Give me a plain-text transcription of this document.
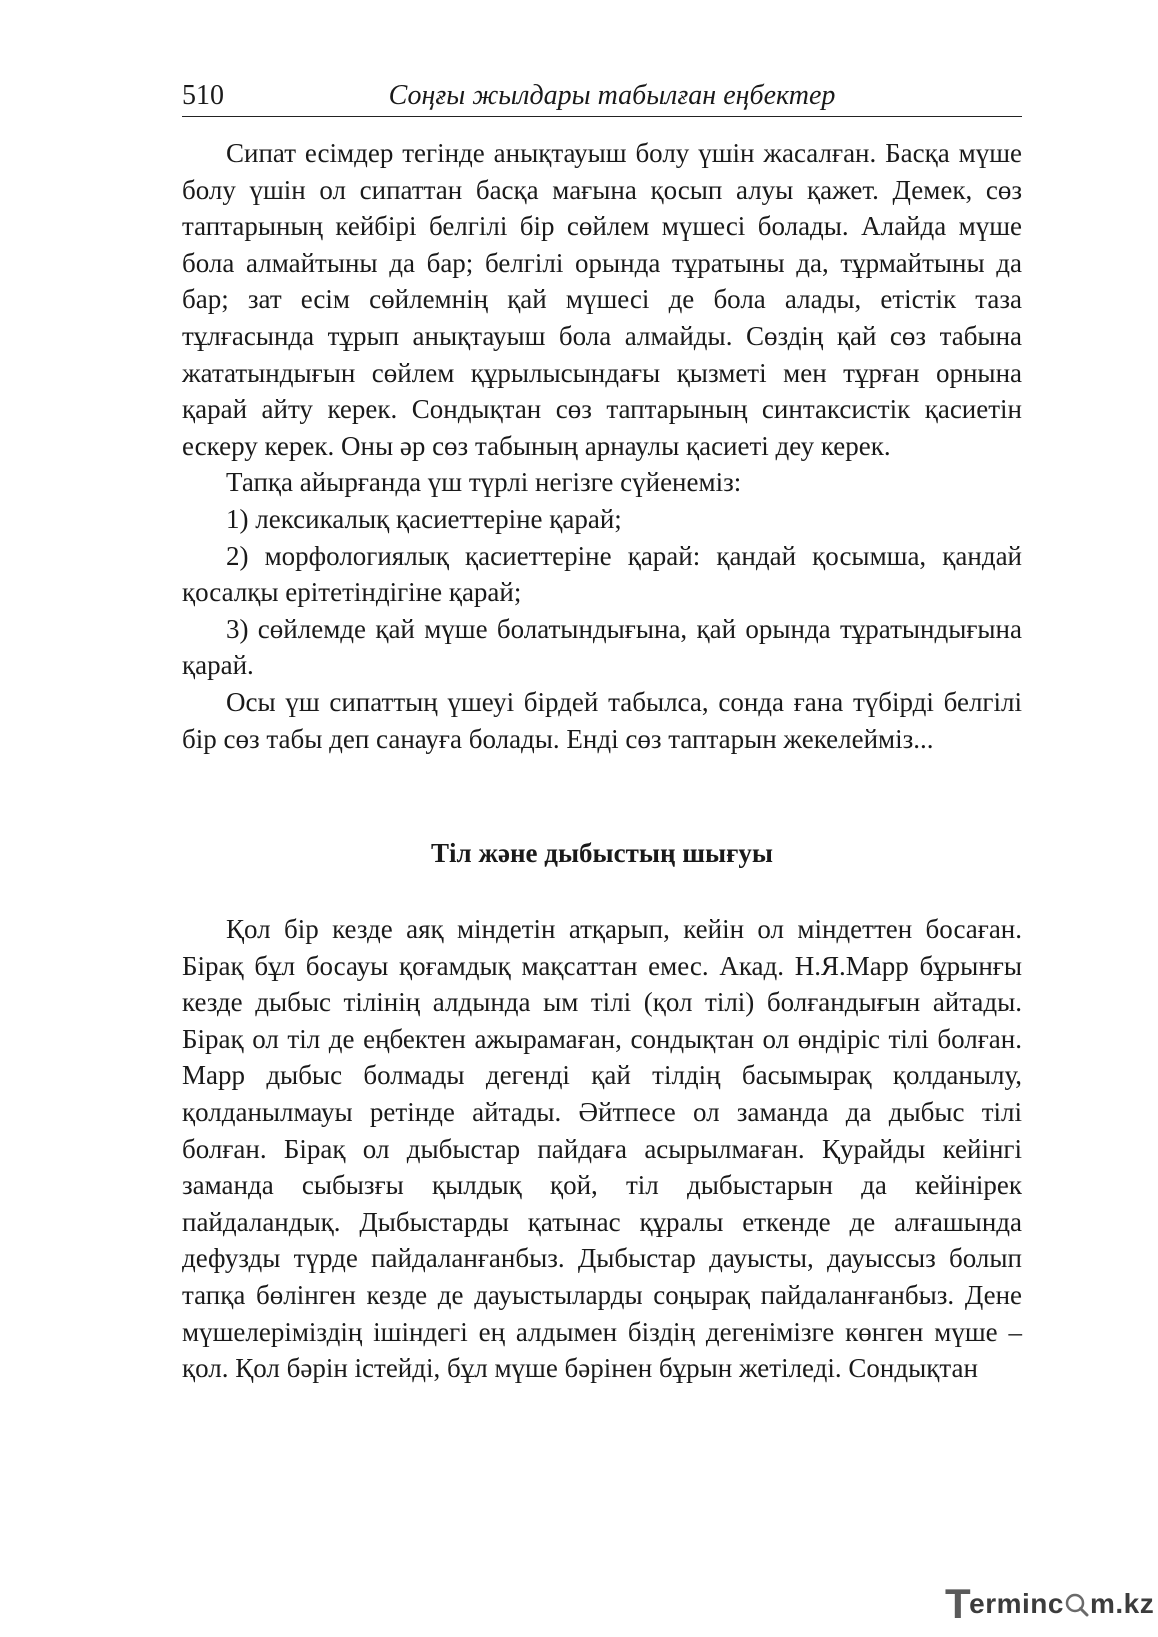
510	Соңғы жылдары табылған еңбектер

Сипат есімдер тегінде анықтауыш болу үшін жасалған. Басқа мүше болу үшін ол сипаттан басқа мағына қосып алуы қажет. Демек, сөз таптарының кейбірі белгілі бір сөйлем мүшесі болады. Алайда мүше бола алмайтыны да бар; белгілі орында тұратыны да, тұрмайтыны да бар; зат есім сөйлемнің қай мүшесі де бола алады, етістік таза тұлғасында тұрып анықтауыш бола алмайды. Сөздің қай сөз табына жататындығын сөйлем құрылысындағы қызметі мен тұрған орнына қарай айту керек. Сондықтан сөз таптарының синтаксистік қасиетін ескеру керек. Оны әр сөз табының арнаулы қасиеті деу керек.

Тапқа айырғанда үш түрлі негізге сүйенеміз:

1) лексикалық қасиеттеріне қарай;

2) морфологиялық қасиеттеріне қарай: қандай қосымша, қандай қосалқы ерітетіндігіне қарай;

3) сөйлемде қай мүше болатындығына, қай орында тұратындығына қарай.

Осы үш сипаттың үшеуі бірдей табылса, сонда ғана түбірді белгілі бір сөз табы деп санауға болады. Енді сөз таптарын жекелейміз...

Тіл және дыбыстың шығуы

Қол бір кезде аяқ міндетін атқарып, кейін ол міндеттен босаған. Бірақ бұл босауы қоғамдық мақсаттан емес. Акад. Н.Я.Марр бұрынғы кезде дыбыс тілінің алдында ым тілі (қол тілі) болғандығын айтады. Бірақ ол тіл де еңбектен ажырамаған, сондықтан ол өндіріс тілі болған. Марр дыбыс болмады дегенді қай тілдің басымырақ қолданылу, қолданылмауы ретінде айтады. Әйтпесе ол заманда да дыбыс тілі болған. Бірақ ол дыбыстар пайдаға асырылмаған. Қурайды кейінгі заманда сыбызғы қылдық қой, тіл дыбыстарын да кейінірек пайдаландық. Дыбыстарды қатынас құралы еткенде де алғашында дефузды түрде пайдаланғанбыз. Дыбыстар дауысты, дауыссыз болып тапқа бөлінген кезде де дауыстыларды соңырақ пайдаланғанбыз. Дене мүшелеріміздің ішіндегі ең алдымен біздің дегенімізге көнген мүше – қол. Қол бәрін істейді, бұл мүше бәрінен бұрын жетіледі. Сондықтан

T
erminc m.kz
